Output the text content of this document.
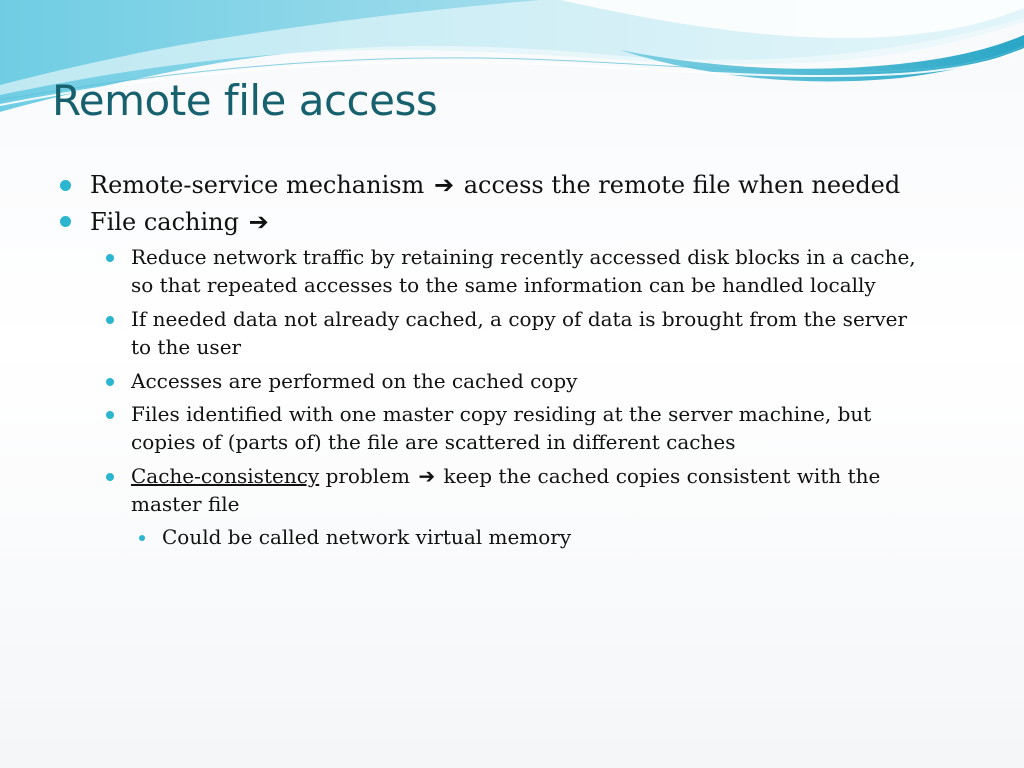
Remote file access
Remote-service mechanism ➔ access the remote file when needed
File caching ➔
Reduce network traffic by retaining recently accessed disk blocks in a cache,
so that repeated accesses to the same information can be handled locally
If needed data not already cached, a copy of data is brought from the server
to the user
Accesses are performed on the cached copy
Files identified with one master copy residing at the server machine, but
copies of (parts of) the file are scattered in different caches
Cache-consistency problem ➔ keep the cached copies consistent with the
master file
Could be called network virtual memory
